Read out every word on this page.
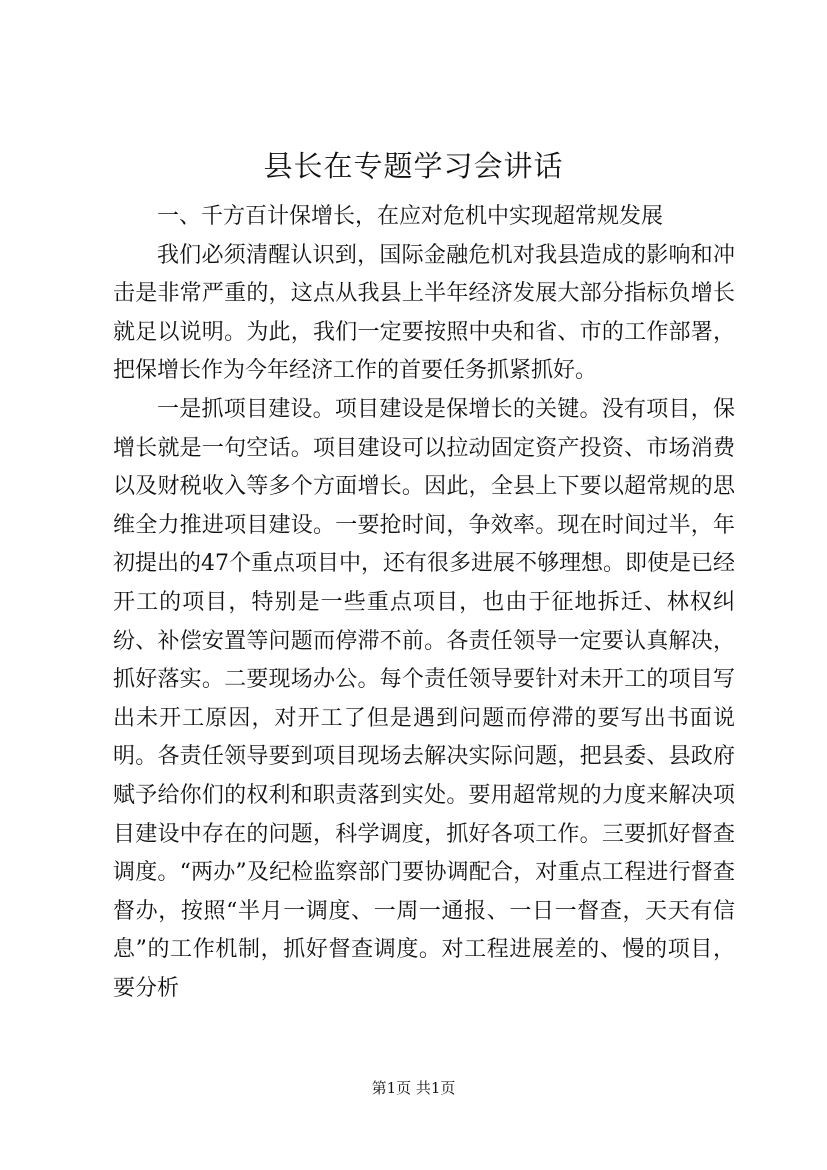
县长在专题学习会讲话

一、千方百计保增长，在应对危机中实现超常规发展

我们必须清醒认识到，国际金融危机对我县造成的影响和冲击是非常严重的，这点从我县上半年经济发展大部分指标负增长就足以说明。为此，我们一定要按照中央和省、市的工作部署，把保增长作为今年经济工作的首要任务抓紧抓好。

一是抓项目建设。项目建设是保增长的关键。没有项目，保增长就是一句空话。项目建设可以拉动固定资产投资、市场消费以及财税收入等多个方面增长。因此，全县上下要以超常规的思维全力推进项目建设。一要抢时间，争效率。现在时间过半，年初提出的47个重点项目中，还有很多进展不够理想。即使是已经开工的项目，特别是一些重点项目，也由于征地拆迁、林权纠纷、补偿安置等问题而停滞不前。各责任领导一定要认真解决，抓好落实。二要现场办公。每个责任领导要针对未开工的项目写出未开工原因，对开工了但是遇到问题而停滞的要写出书面说明。各责任领导要到项目现场去解决实际问题，把县委、县政府赋予给你们的权利和职责落到实处。要用超常规的力度来解决项目建设中存在的问题，科学调度，抓好各项工作。三要抓好督查调度。“两办”及纪检监察部门要协调配合，对重点工程进行督查督办，按照“半月一调度、一周一通报、一日一督查，天天有信息”的工作机制，抓好督查调度。对工程进展差的、慢的项目，要分析

第1页 共1页
